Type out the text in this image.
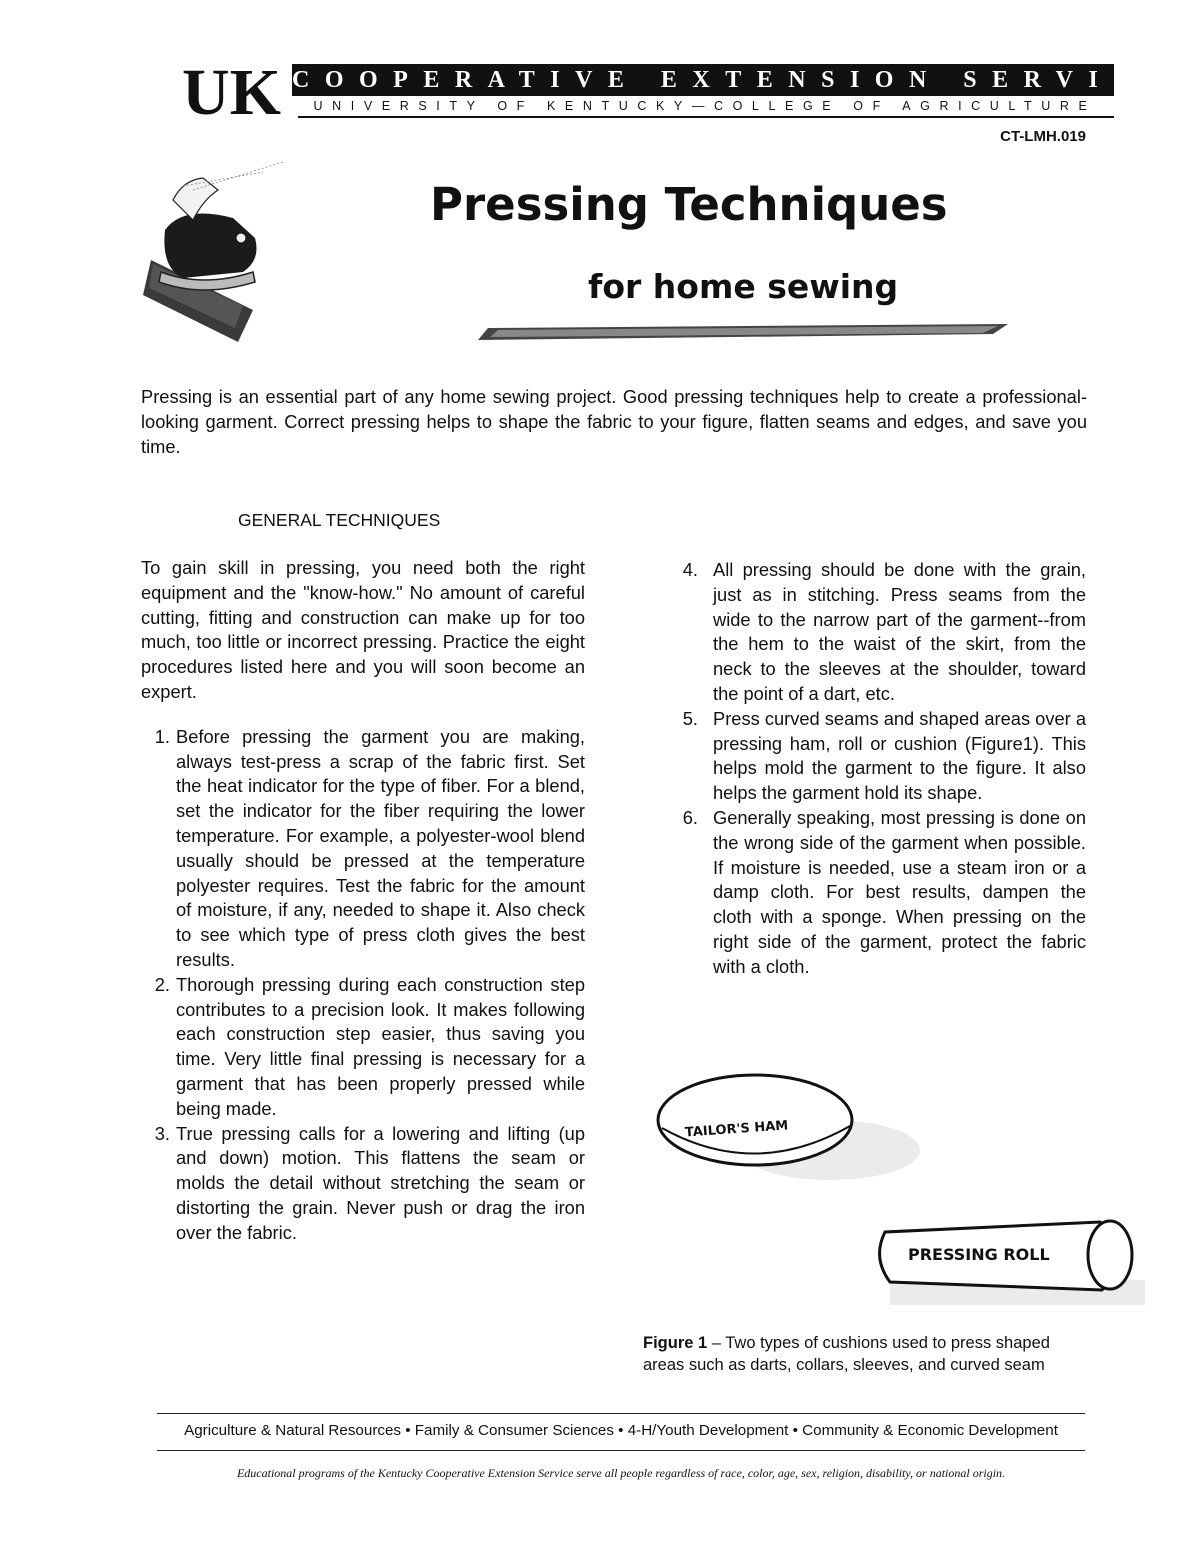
UK COOPERATIVE EXTENSION SERVICE
UNIVERSITY OF KENTUCKY—COLLEGE OF AGRICULTURE
CT-LMH.019
Pressing Techniques
for home sewing

Pressing is an essential part of any home sewing project. Good pressing techniques help to create a professional-looking garment. Correct pressing helps to shape the fabric to your figure, flatten seams and edges, and save you time.

GENERAL TECHNIQUES

To gain skill in pressing, you need both the right equipment and the "know-how." No amount of careful cutting, fitting and construction can make up for too much, too little or incorrect pressing. Practice the eight procedures listed here and you will soon become an expert.

1. Before pressing the garment you are making, always test-press a scrap of the fabric first. Set the heat indicator for the type of fiber. For a blend, set the indicator for the fiber requiring the lower temperature. For example, a polyester-wool blend usually should be pressed at the temperature polyester requires. Test the fabric for the amount of moisture, if any, needed to shape it. Also check to see which type of press cloth gives the best results.
2. Thorough pressing during each construction step contributes to a precision look. It makes following each construction step easier, thus saving you time. Very little final pressing is necessary for a garment that has been properly pressed while being made.
3. True pressing calls for a lowering and lifting (up and down) motion. This flattens the seam or molds the detail without stretching the seam or distorting the grain. Never push or drag the iron over the fabric.
4. All pressing should be done with the grain, just as in stitching. Press seams from the wide to the narrow part of the garment--from the hem to the waist of the skirt, from the neck to the sleeves at the shoulder, toward the point of a dart, etc.
5. Press curved seams and shaped areas over a pressing ham, roll or cushion (Figure1). This helps mold the garment to the figure. It also helps the garment hold its shape.
6. Generally speaking, most pressing is done on the wrong side of the garment when possible. If moisture is needed, use a steam iron or a damp cloth. For best results, dampen the cloth with a sponge. When pressing on the right side of the garment, protect the fabric with a cloth.
TAILOR'S HAM
PRESSING ROLL
Figure 1 – Two types of cushions used to press shaped areas such as darts, collars, sleeves, and curved seam
Agriculture & Natural Resources • Family & Consumer Sciences • 4-H/Youth Development • Community & Economic Development
Educational programs of the Kentucky Cooperative Extension Service serve all people regardless of race, color, age, sex, religion, disability, or national origin.
